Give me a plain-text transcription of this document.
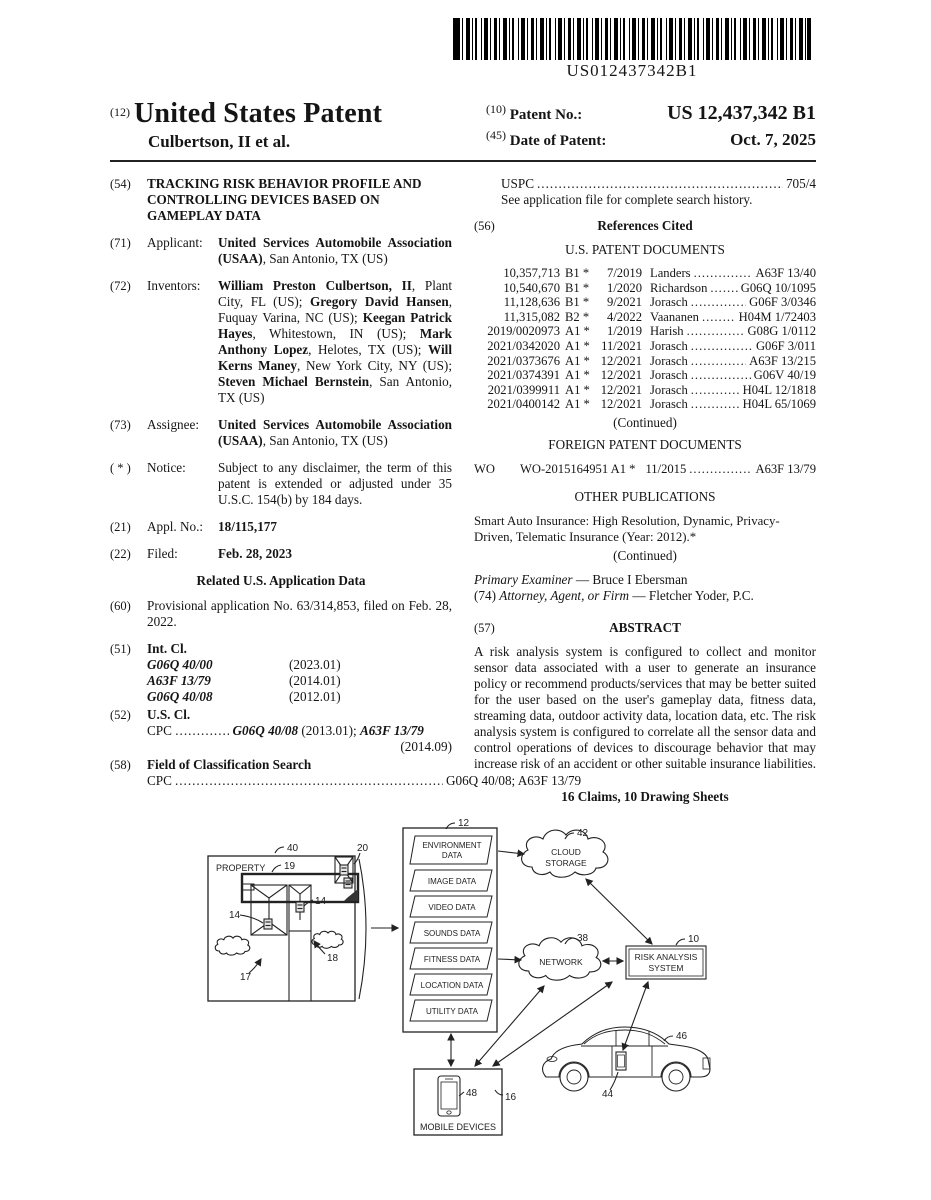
US012437342B1
$^{(12)}$ United States Patent
Culbertson, II et al.
$^{(10)}$ Patent No.:	US 12,437,342 B1
$^{(45)}$ Date of Patent:	Oct. 7, 2025
(54)	TRACKING RISK BEHAVIOR PROFILE AND CONTROLLING DEVICES BASED ON GAMEPLAY DATA
(71)	Applicant:	United Services Automobile Association (USAA), San Antonio, TX (US)
(72)	Inventors:	William Preston Culbertson, II, Plant City, FL (US); Gregory David Hansen, Fuquay Varina, NC (US); Keegan Patrick Hayes, Whitestown, IN (US); Mark Anthony Lopez, Helotes, TX (US); Will Kerns Maney, New York City, NY (US); Steven Michael Bernstein, San Antonio, TX (US)
(73)	Assignee:	United Services Automobile Association (USAA), San Antonio, TX (US)
( * )	Notice:	Subject to any disclaimer, the term of this patent is extended or adjusted under 35 U.S.C. 154(b) by 184 days.
(21)	Appl. No.:	18/115,177
(22)	Filed:	Feb. 28, 2023
Related U.S. Application Data
(60)	Provisional application No. 63/314,853, filed on Feb. 28, 2022.
(51)	Int. Cl.
G06Q 40/00	(2023.01)
A63F 13/79	(2014.01)
G06Q 40/08	(2012.01)
(52)	U.S. Cl.
CPC .....	G06Q 40/08 (2013.01); A63F 13/79
(2014.09)
(58)	Field of Classification Search
CPC .....	G06Q 40/08; A63F 13/79
USPC .....	705/4
See application file for complete search history.
(56)	References Cited
U.S. PATENT DOCUMENTS
10,357,713 B1 *	7/2019 Landers .....	A63F 13/40
10,540,670 B1 *	1/2020 Richardson .....	G06Q 10/1095
11,128,636 B1 *	9/2021 Jorasch .....	G06F 3/0346
11,315,082 B2 *	4/2022 Vaananen .....	H04M 1/72403
2019/0020973 A1 *	1/2019 Harish .....	G08G 1/0112
2021/0342020 A1 * 11/2021 Jorasch .....	G06F 3/011
2021/0373676 A1 * 12/2021 Jorasch .....	A63F 13/215
2021/0374391 A1 * 12/2021 Jorasch .....	G06V 40/19
2021/0399911 A1 * 12/2021 Jorasch .....	H04L 12/1818
2021/0400142 A1 * 12/2021 Jorasch .....	H04L 65/1069
(Continued)
FOREIGN PATENT DOCUMENTS
WO	WO-2015164951 A1 * 11/2015 .....	A63F 13/79
OTHER PUBLICATIONS
Smart Auto Insurance: High Resolution, Dynamic, Privacy-Driven, Telematic Insurance (Year: 2012).*
(Continued)
Primary Examiner — Bruce I Ebersman
(74) Attorney, Agent, or Firm — Fletcher Yoder, P.C.
(57)	ABSTRACT
A risk analysis system is configured to collect and monitor sensor data associated with a user to generate an insurance policy or recommend products/services that may be better suited for the user based on the user's gameplay data, fitness data, streaming data, outdoor activity data, location data, etc. The risk analysis system is configured to correlate all the sensor data and control operations of devices to discourage behavior that may increase risk of an accident or other suitable insurance liabilities.
16 Claims, 10 Drawing Sheets
PROPERTY
40	20
19
14
14
17
18
ENVIRONMENT DATA
IMAGE DATA
VIDEO DATA
SOUNDS DATA
FITNESS DATA
LOCATION DATA
UTILITY DATA
12
CLOUD
STORAGE
42
NETWORK
38
RISK ANALYSIS
SYSTEM
10
MOBILE DEVICES
48	16
46
44
